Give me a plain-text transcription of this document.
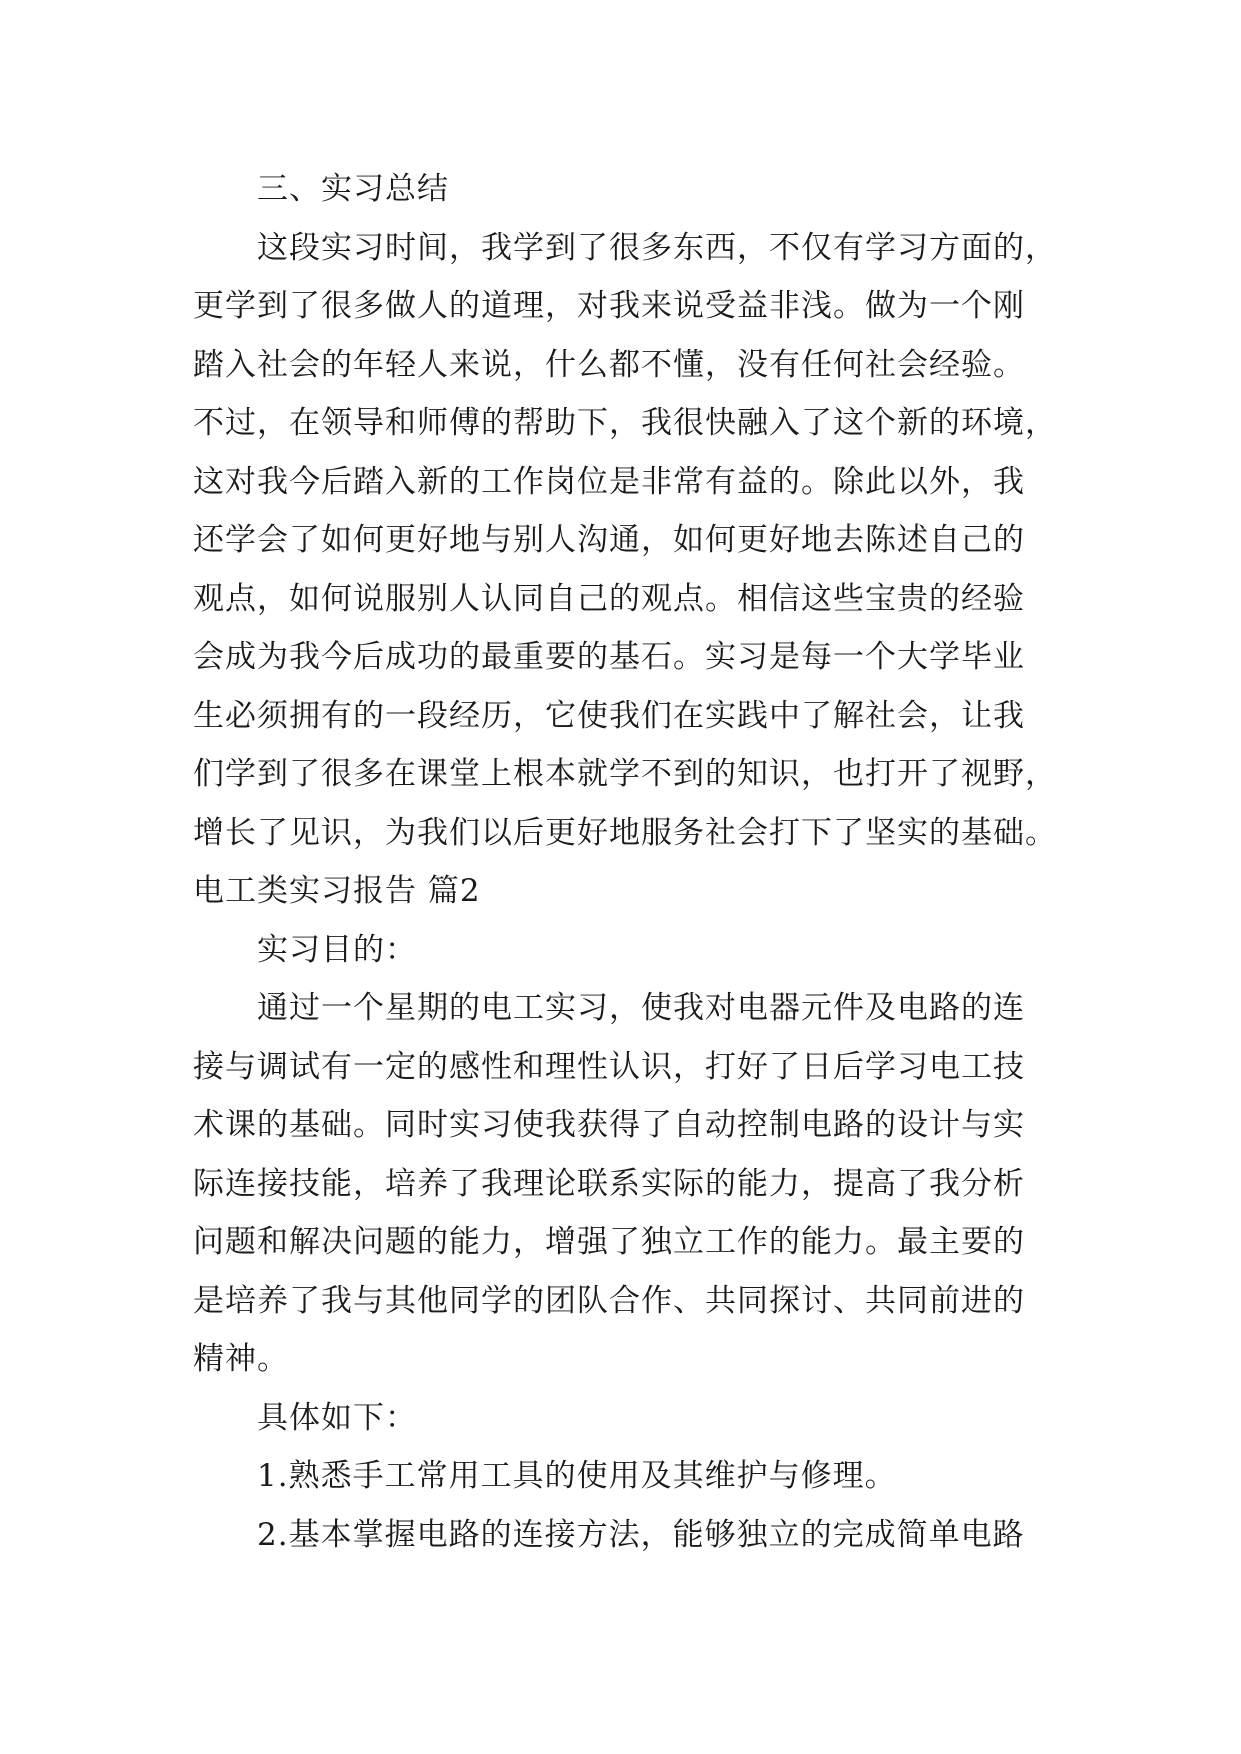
三、实习总结
这段实习时间，我学到了很多东西，不仅有学习方面的，
更学到了很多做人的道理，对我来说受益非浅。做为一个刚
踏入社会的年轻人来说，什么都不懂，没有任何社会经验。
不过，在领导和师傅的帮助下，我很快融入了这个新的环境，
这对我今后踏入新的工作岗位是非常有益的。除此以外，我
还学会了如何更好地与别人沟通，如何更好地去陈述自己的
观点，如何说服别人认同自己的观点。相信这些宝贵的经验
会成为我今后成功的最重要的基石。实习是每一个大学毕业
生必须拥有的一段经历，它使我们在实践中了解社会，让我
们学到了很多在课堂上根本就学不到的知识，也打开了视野，
增长了见识，为我们以后更好地服务社会打下了坚实的基础。
电工类实习报告 篇2
实习目的：
通过一个星期的电工实习，使我对电器元件及电路的连
接与调试有一定的感性和理性认识，打好了日后学习电工技
术课的基础。同时实习使我获得了自动控制电路的设计与实
际连接技能，培养了我理论联系实际的能力，提高了我分析
问题和解决问题的能力，增强了独立工作的能力。最主要的
是培养了我与其他同学的团队合作、共同探讨、共同前进的
精神。
具体如下：
1.熟悉手工常用工具的使用及其维护与修理。
2.基本掌握电路的连接方法，能够独立的完成简单电路
